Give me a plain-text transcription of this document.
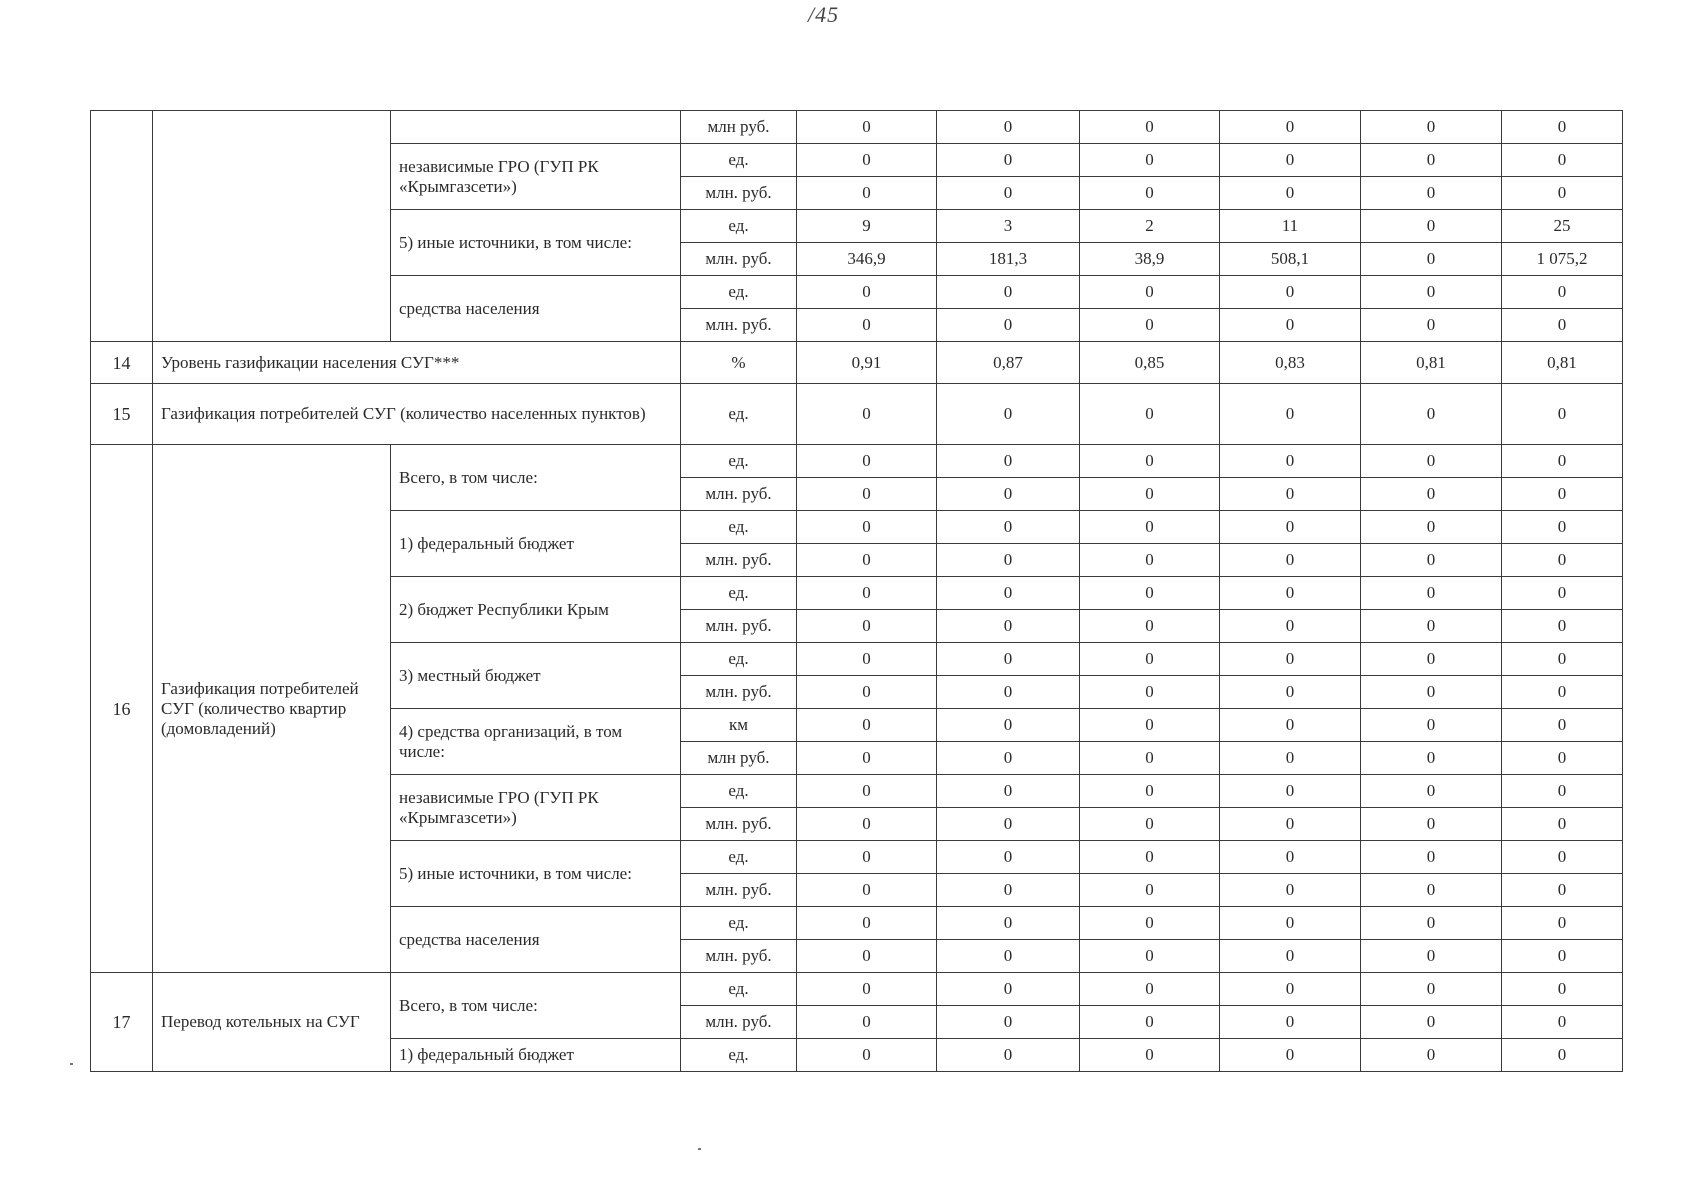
/45
			млн руб.	0	0	0	0	0	0
		независимые ГРО (ГУП РК «Крымгазсети»)	ед.	0	0	0	0	0	0
			млн. руб.	0	0	0	0	0	0
		5) иные источники, в том числе:	ед.	9	3	2	11	0	25
			млн. руб.	346,9	181,3	38,9	508,1	0	1 075,2
		средства населения	ед.	0	0	0	0	0	0
			млн. руб.	0	0	0	0	0	0
14	Уровень газификации населения СУГ***		%	0,91	0,87	0,85	0,83	0,81	0,81
15	Газификация потребителей СУГ (количество населенных пунктов)		ед.	0	0	0	0	0	0
16	Газификация потребителей СУГ (количество квартир (домовладений)	Всего, в том числе:	ед.	0	0	0	0	0	0
			млн. руб.	0	0	0	0	0	0
		1) федеральный бюджет	ед.	0	0	0	0	0	0
			млн. руб.	0	0	0	0	0	0
		2) бюджет Республики Крым	ед.	0	0	0	0	0	0
			млн. руб.	0	0	0	0	0	0
		3) местный бюджет	ед.	0	0	0	0	0	0
			млн. руб.	0	0	0	0	0	0
		4) средства организаций, в том числе:	км	0	0	0	0	0	0
			млн руб.	0	0	0	0	0	0
		независимые ГРО (ГУП РК «Крымгазсети»)	ед.	0	0	0	0	0	0
			млн. руб.	0	0	0	0	0	0
		5) иные источники, в том числе:	ед.	0	0	0	0	0	0
			млн. руб.	0	0	0	0	0	0
		средства населения	ед.	0	0	0	0	0	0
			млн. руб.	0	0	0	0	0	0
17	Перевод котельных на СУГ	Всего, в том числе:	ед.	0	0	0	0	0	0
			млн. руб.	0	0	0	0	0	0
		1) федеральный бюджет	ед.	0	0	0	0	0	0
